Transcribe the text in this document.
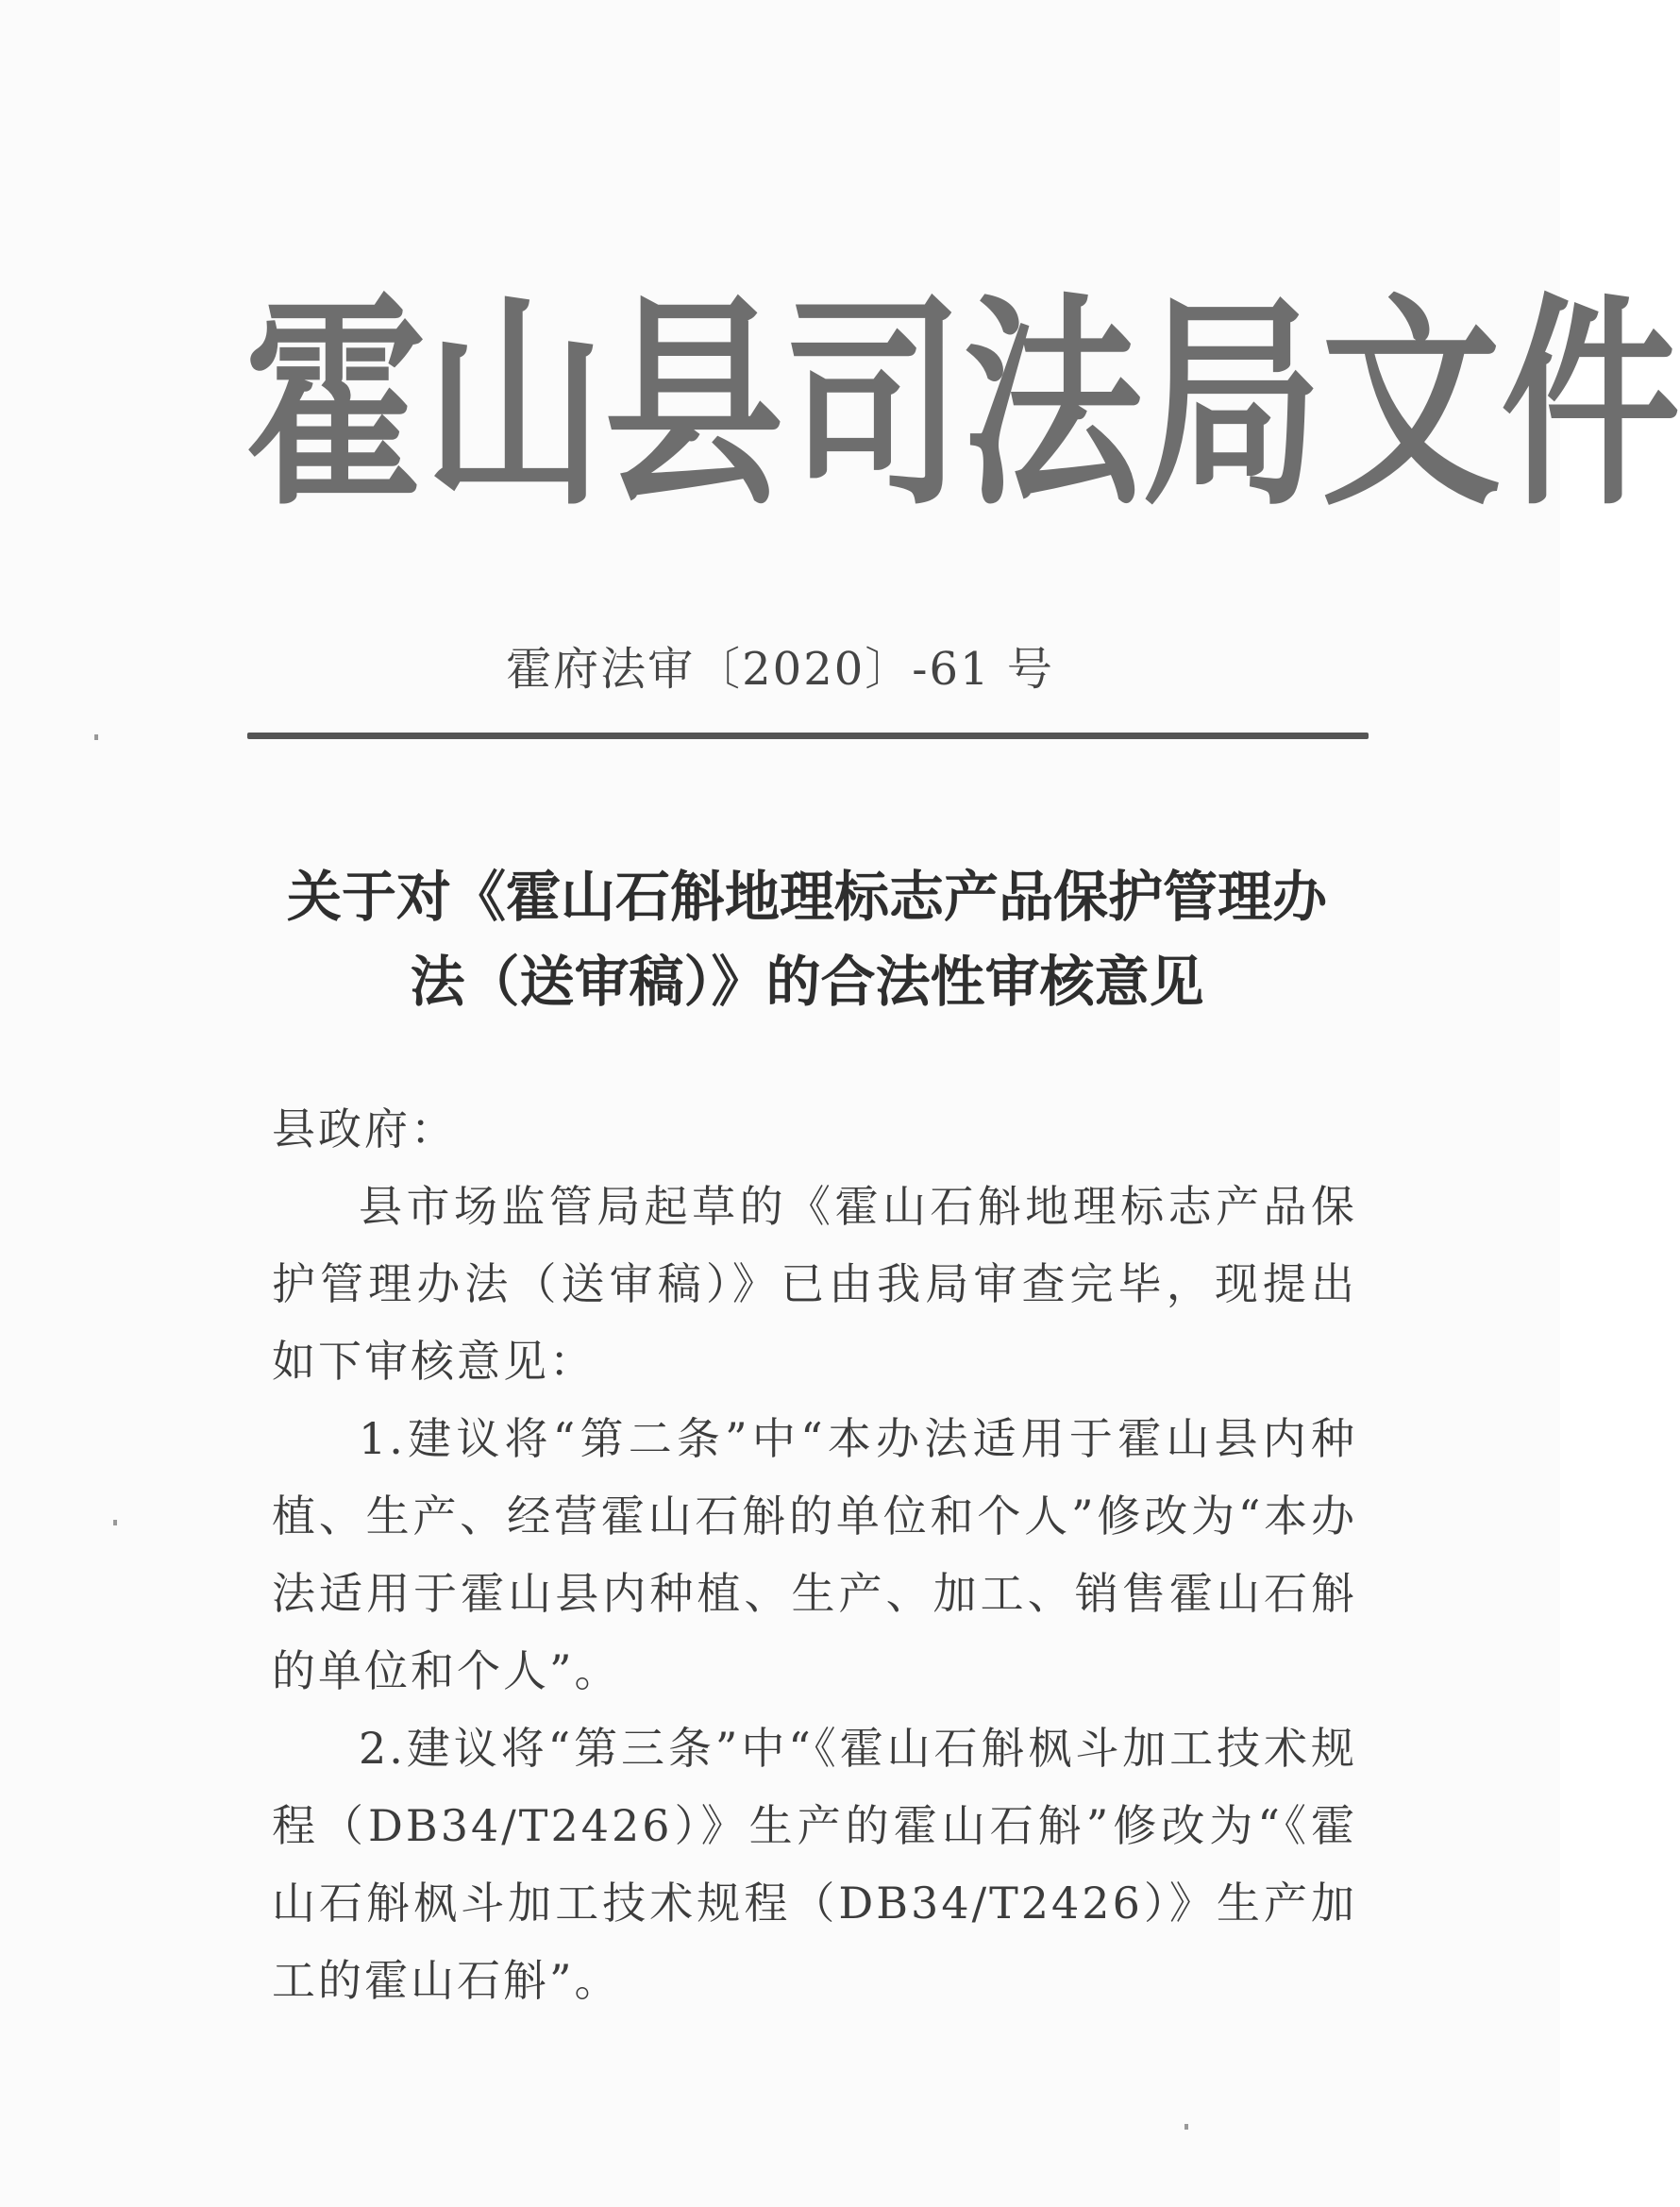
霍 山 县 司 法 局 文 件
霍府法审〔2020〕-61 号
关于对《霍山石斛地理标志产品保护管理办
法（送审稿）》的合法性审核意见

县政府：

县市场监管局起草的《霍山石斛地理标志产品保护管理办法（送审稿）》已由我局审查完毕，现提出如下审核意见：

1.建议将“第二条”中“本办法适用于霍山县内种植、生产、经营霍山石斛的单位和个人”修改为“本办法适用于霍山县内种植、生产、加工、销售霍山石斛的单位和个人”。

2.建议将“第三条”中“《霍山石斛枫斗加工技术规程（DB34/T2426）》生产的霍山石斛”修改为“《霍山石斛枫斗加工技术规程（DB34/T2426）》生产加工的霍山石斛”。
